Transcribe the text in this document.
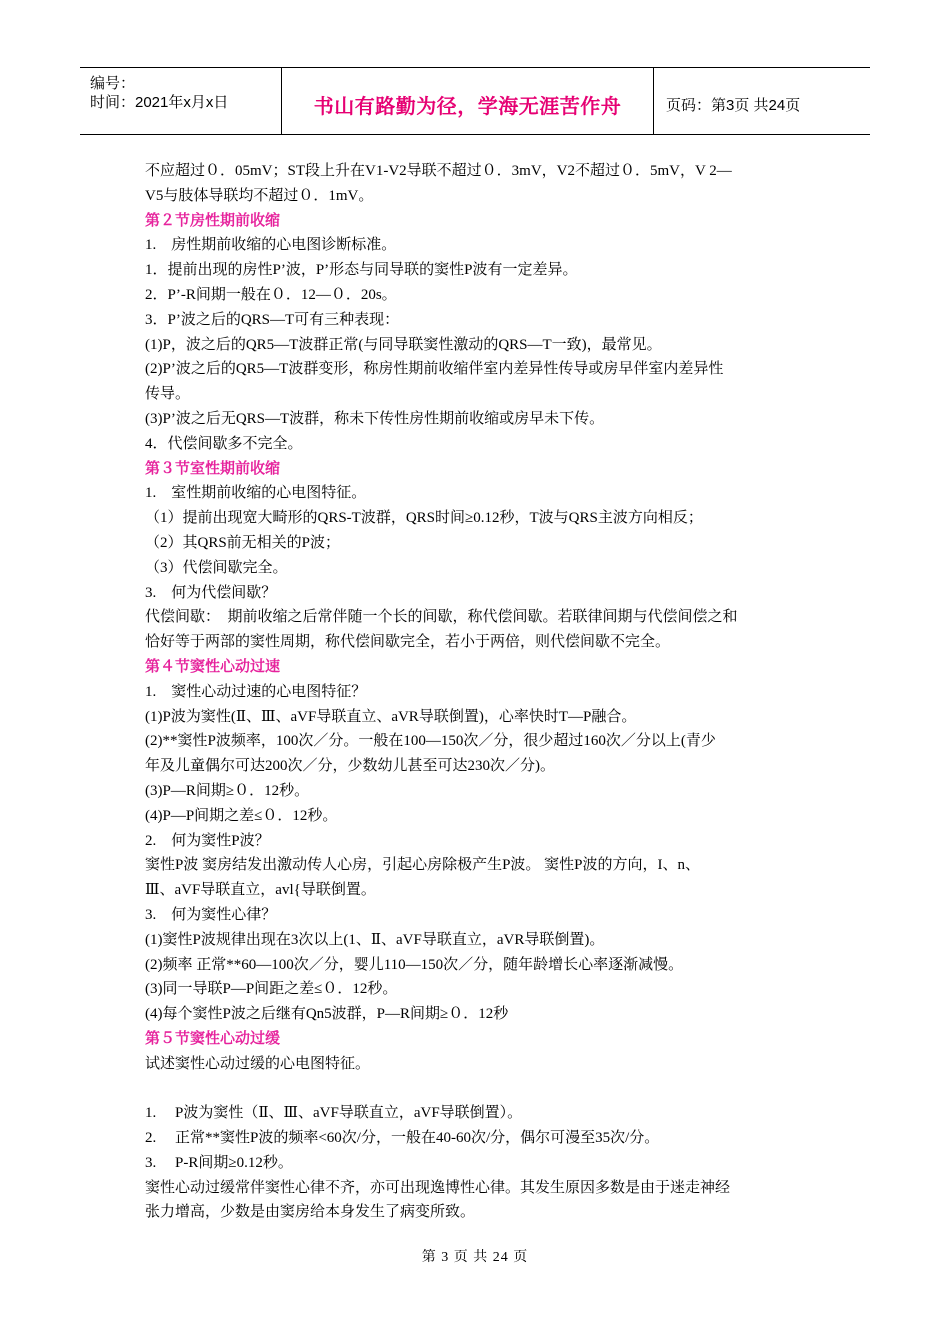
编号：
时间：2021年x月x日	书山有路勤为径，学海无涯苦作舟	页码：第3页 共24页
不应超过０．05mV；ST段上升在V1-V2导联不超过０．3mV，V2不超过０．5mV，V 2—
V5与肢体导联均不超过０．1mV。
第２节房性期前收缩
1.　房性期前收缩的心电图诊断标准。
1．提前出现的房性P’波，P’形态与同导联的窦性P波有一定差异。
2．P’-R间期一般在０．12—０．20s。
3．P’波之后的QRS—T可有三种表现：
(1)P，波之后的QR5—T波群正常(与同导联窦性激动的QRS—T一致)，最常见。
(2)P’波之后的QR5—T波群变形，称房性期前收缩伴室内差异性传导或房早伴室内差异性
传导。
(3)P’波之后无QRS—T波群，称未下传性房性期前收缩或房早未下传。
4．代偿间歇多不完全。
第３节室性期前收缩
1.　室性期前收缩的心电图特征。
（1）提前出现宽大畸形的QRS-T波群，QRS时间≥0.12秒，T波与QRS主波方向相反；
（2）其QRS前无相关的P波；
（3）代偿间歇完全。
3.　何为代偿间歇？
代偿间歇：　期前收缩之后常伴随一个长的间歇，称代偿间歇。若联律间期与代偿间偿之和
恰好等于两部的窦性周期，称代偿间歇完全，若小于两倍，则代偿间歇不完全。
第４节窦性心动过速
1.　窦性心动过速的心电图特征？
(1)P波为窦性(Ⅱ、Ⅲ、aVF导联直立、aVR导联倒置)，心率快时T—P融合。
(2)**窦性P波频率，100次／分。一般在100—150次／分，很少超过160次／分以上(青少
年及儿童偶尔可达200次／分，少数幼儿甚至可达230次／分)。
(3)P—R间期≥０．12秒。
(4)P—P间期之差≤０．12秒。
2.　何为窦性P波？
窦性P波 窦房结发出激动传人心房，引起心房除极产生P波。 窦性P波的方向，I、n、
Ⅲ、aVF导联直立，avl{导联倒置。
3.　何为窦性心律？
(1)窦性P波规律出现在3次以上(1、Ⅱ、aVF导联直立，aVR导联倒置)。
(2)频率 正常**60—100次／分，婴儿110—150次／分，随年龄增长心率逐渐减慢。
(3)同一导联P—P间距之差≤０．12秒。
(4)每个窦性P波之后继有Qn5波群，P—R间期≥０．12秒
第５节窦性心动过缓
试述窦性心动过缓的心电图特征。
1.　 P波为窦性（Ⅱ、Ⅲ、aVF导联直立，aVF导联倒置）。
2.　 正常**窦性P波的频率<60次/分，一般在40-60次/分，偶尔可漫至35次/分。
3.　 P-R间期≥0.12秒。
窦性心动过缓常伴窦性心律不齐，亦可出现逸博性心律。其发生原因多数是由于迷走神经
张力增高，少数是由窦房给本身发生了病变所致。
第 3 页 共 24 页
